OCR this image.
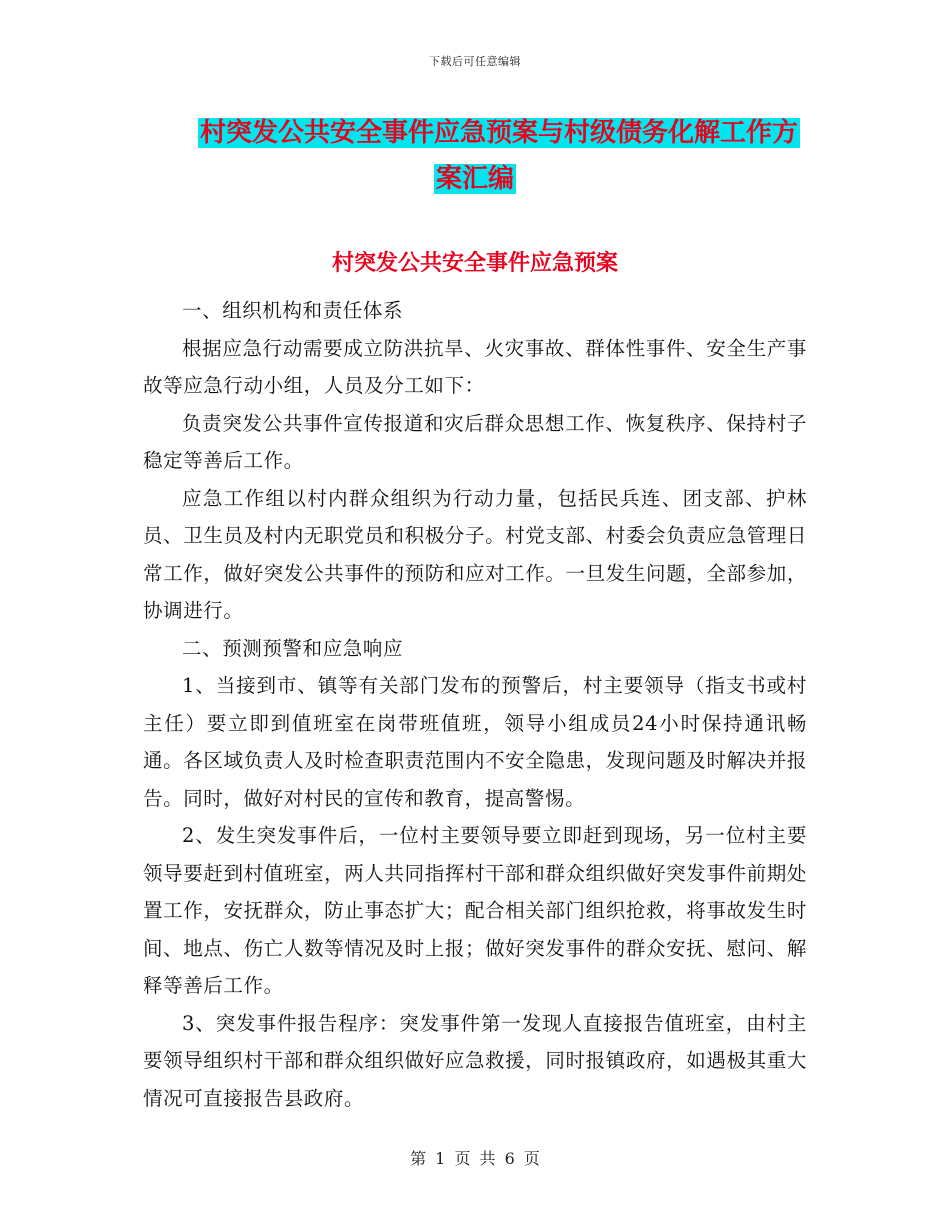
下载后可任意编辑
村突发公共安全事件应急预案与村级债务化解工作方
案汇编
村突发公共安全事件应急预案

一、组织机构和责任体系

根据应急行动需要成立防洪抗旱、火灾事故、群体性事件、安全生产事故等应急行动小组，人员及分工如下：

负责突发公共事件宣传报道和灾后群众思想工作、恢复秩序、保持村子稳定等善后工作。

应急工作组以村内群众组织为行动力量，包括民兵连、团支部、护林员、卫生员及村内无职党员和积极分子。村党支部、村委会负责应急管理日常工作，做好突发公共事件的预防和应对工作。一旦发生问题，全部参加，协调进行。

二、预测预警和应急响应

1、当接到市、镇等有关部门发布的预警后，村主要领导（指支书或村主任）要立即到值班室在岗带班值班，领导小组成员24小时保持通讯畅通。各区域负责人及时检查职责范围内不安全隐患，发现问题及时解决并报告。同时，做好对村民的宣传和教育，提高警惕。

2、发生突发事件后，一位村主要领导要立即赶到现场，另一位村主要领导要赶到村值班室，两人共同指挥村干部和群众组织做好突发事件前期处置工作，安抚群众，防止事态扩大；配合相关部门组织抢救，将事故发生时间、地点、伤亡人数等情况及时上报；做好突发事件的群众安抚、慰问、解释等善后工作。

3、突发事件报告程序：突发事件第一发现人直接报告值班室，由村主要领导组织村干部和群众组织做好应急救援，同时报镇政府，如遇极其重大情况可直接报告县政府。

第 1 页 共 6 页
